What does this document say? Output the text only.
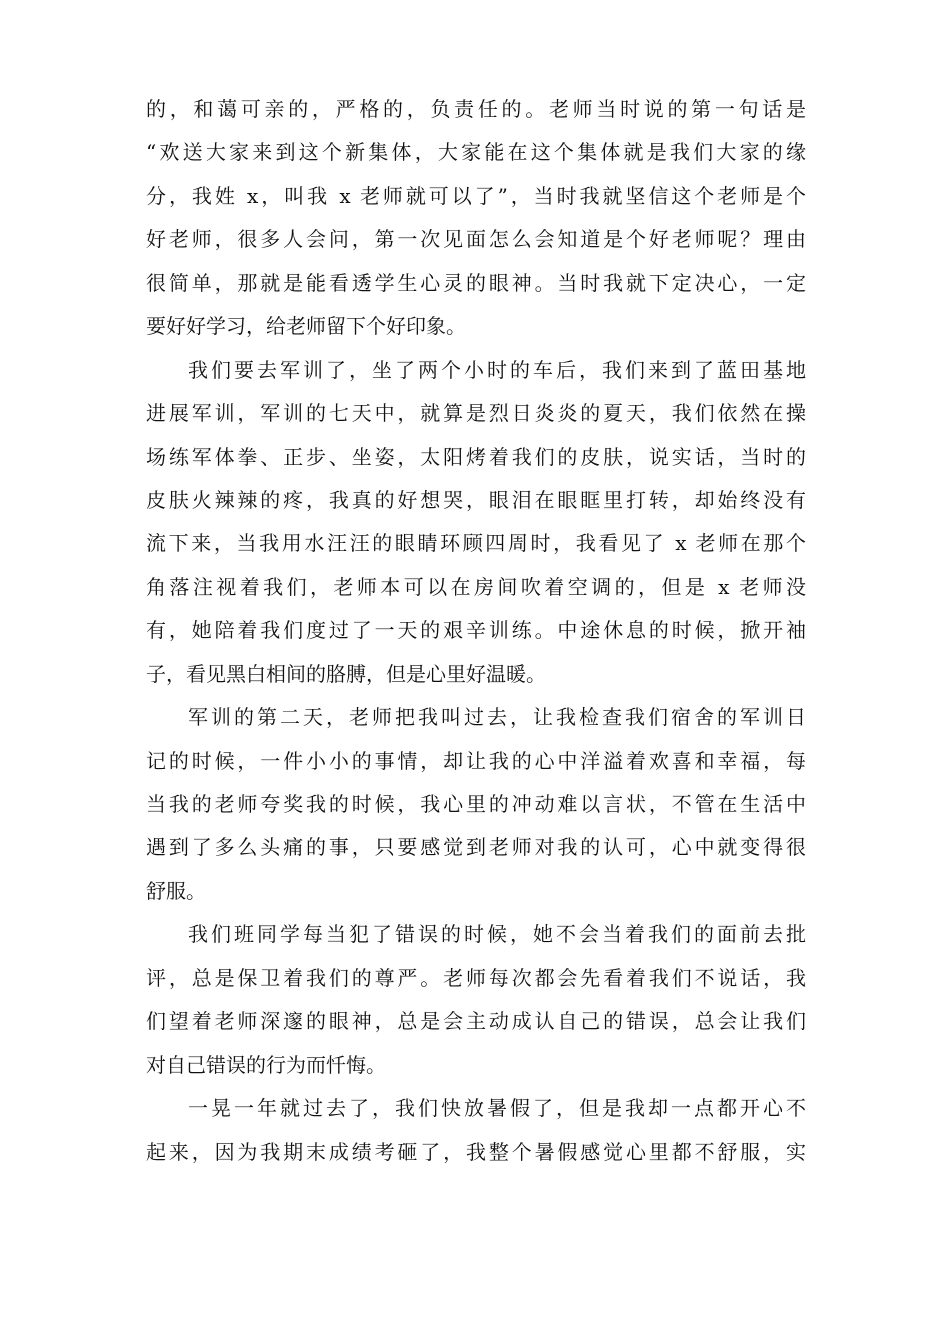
的，和蔼可亲的，严格的，负责任的。老师当时说的第一句话是
“欢送大家来到这个新集体，大家能在这个集体就是我们大家的缘
分，我姓 x，叫我 x 老师就可以了”，当时我就坚信这个老师是个
好老师，很多人会问，第一次见面怎么会知道是个好老师呢？理由
很简单，那就是能看透学生心灵的眼神。当时我就下定决心，一定
要好好学习，给老师留下个好印象。
我们要去军训了，坐了两个小时的车后，我们来到了蓝田基地
进展军训，军训的七天中，就算是烈日炎炎的夏天，我们依然在操
场练军体拳、正步、坐姿，太阳烤着我们的皮肤，说实话，当时的
皮肤火辣辣的疼，我真的好想哭，眼泪在眼眶里打转，却始终没有
流下来，当我用水汪汪的眼睛环顾四周时，我看见了 x 老师在那个
角落注视着我们，老师本可以在房间吹着空调的，但是 x 老师没
有，她陪着我们度过了一天的艰辛训练。中途休息的时候，掀开袖
子，看见黑白相间的胳膊，但是心里好温暖。
军训的第二天，老师把我叫过去，让我检查我们宿舍的军训日
记的时候，一件小小的事情，却让我的心中洋溢着欢喜和幸福，每
当我的老师夸奖我的时候，我心里的冲动难以言状，不管在生活中
遇到了多么头痛的事，只要感觉到老师对我的认可，心中就变得很
舒服。
我们班同学每当犯了错误的时候，她不会当着我们的面前去批
评，总是保卫着我们的尊严。老师每次都会先看着我们不说话，我
们望着老师深邃的眼神，总是会主动成认自己的错误，总会让我们
对自己错误的行为而忏悔。
一晃一年就过去了，我们快放暑假了，但是我却一点都开心不
起来，因为我期末成绩考砸了，我整个暑假感觉心里都不舒服，实
